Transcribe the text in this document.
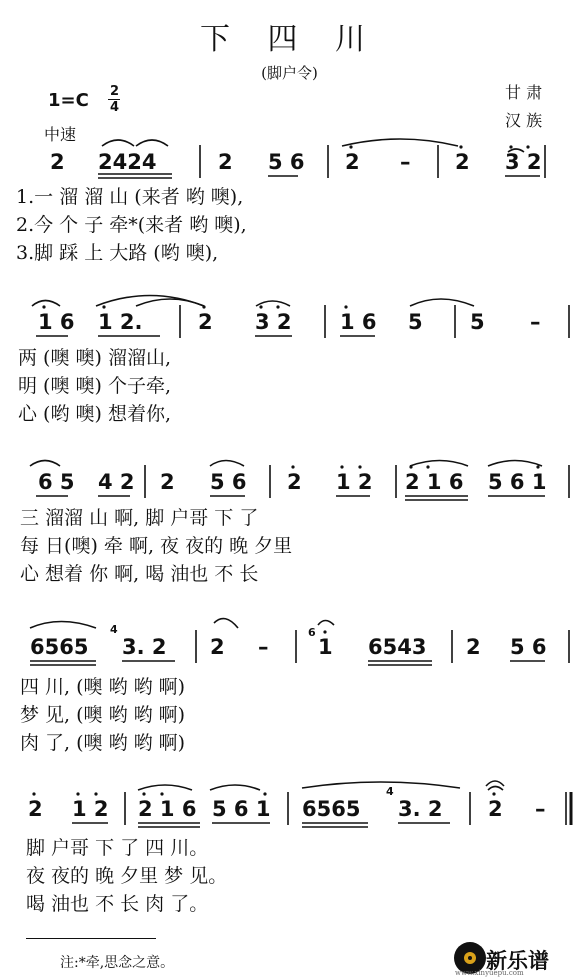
下 四 川
(脚户令)
甘 肃
汉 族
1=C 2
4
中速
2 2424	2 5 6 2 – 2 3 2
1.一 溜 溜 山 (来者 哟 噢),
2.今 个 子 牵*(来者 哟 噢),
3.脚 踩 上 大路 (哟 噢),
1 6 1 2.	2 3 2 1 6 5 5 –
两 (噢 噢) 溜溜山,
明 (噢 噢) 个子牵,
心 (哟 噢) 想着你,
6 5 4 2 2 5 6 2 1 2 2 1 6 5 6 1
三 溜溜 山 啊, 脚 户哥 下 了
每 日(噢) 牵 啊, 夜 夜的 晚 夕里
心 想着 你 啊, 喝 油也 不 长
6565
4
3. 2 2 –
6
1 6543 2 5 6
四 川, (噢 哟 哟 啊)
梦 见, (噢 哟 哟 啊)
肉 了, (噢 哟 哟 啊)
2 1 2 2 1 6 5 6 1 6565
4
3. 2 2 –
脚 户哥 下 了 四 川。
夜 夜的 晚 夕里 梦 见。
喝 油也 不 长 肉 了。
注:*牵,思念之意。	新乐谱
www.xinyuepu.com
